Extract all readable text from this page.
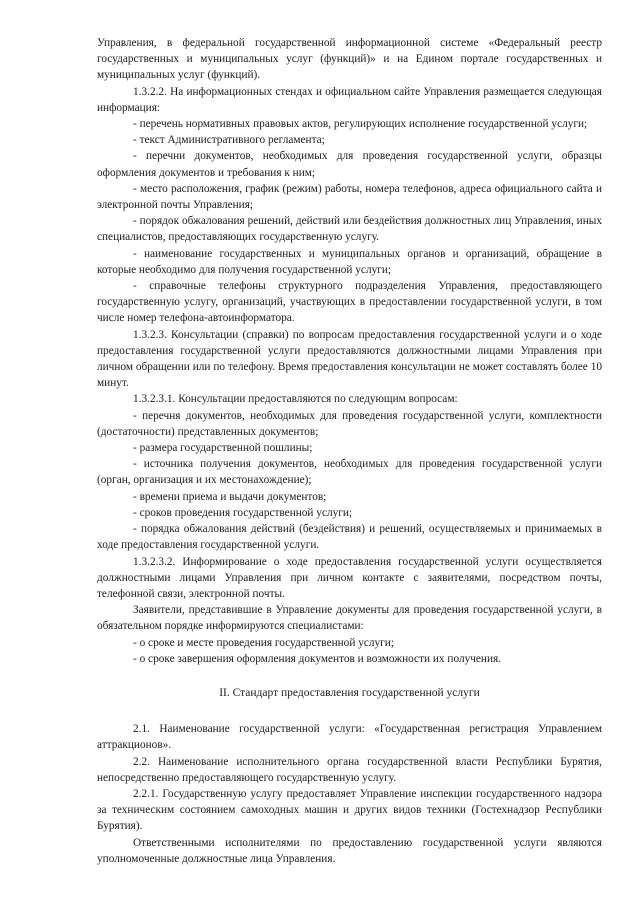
Управления, в федеральной государственной информационной системе «Федеральный реестр государственных и муниципальных услуг (функций)» и на Едином портале государственных и муниципальных услуг (функций).

1.3.2.2. На информационных стендах и официальном сайте Управления размещается следующая информация:

- перечень нормативных правовых актов, регулирующих исполнение государственной услуги;

- текст Административного регламента;

- перечни документов, необходимых для проведения государственной услуги, образцы оформления документов и требования к ним;

- место расположения, график (режим) работы, номера телефонов, адреса официального сайта и электронной почты Управления;

- порядок обжалования решений, действий или бездействия должностных лиц Управления, иных специалистов, предоставляющих государственную услугу.

- наименование государственных и муниципальных органов и организаций, обращение в которые необходимо для получения государственной услуги;

- справочные телефоны структурного подразделения Управления, предоставляющего государственную услугу, организаций, участвующих в предоставлении государственной услуги, в том числе номер телефона-автоинформатора.

1.3.2.3. Консультации (справки) по вопросам предоставления государственной услуги и о ходе предоставления государственной услуги предоставляются должностными лицами Управления при личном обращении или по телефону. Время предоставления консультации не может составлять более 10 минут.

1.3.2.3.1. Консультации предоставляются по следующим вопросам:

- перечня документов, необходимых для проведения государственной услуги, комплектности (достаточности) представленных документов;

- размера государственной пошлины;

- источника получения документов, необходимых для проведения государственной услуги (орган, организация и их местонахождение);

- времени приема и выдачи документов;

- сроков проведения государственной услуги;

- порядка обжалования действий (бездействия) и решений, осуществляемых и принимаемых в ходе предоставления государственной услуги.

1.3.2.3.2. Информирование о ходе предоставления государственной услуги осуществляется должностными лицами Управления при личном контакте с заявителями, посредством почты, телефонной связи, электронной почты.

Заявители, представившие в Управление документы для проведения государственной услуги, в обязательном порядке информируются специалистами:

- о сроке и месте проведения государственной услуги;

- о сроке завершения оформления документов и возможности их получения.

II. Стандарт предоставления государственной услуги

2.1. Наименование государственной услуги: «Государственная регистрация Управлением аттракционов».

2.2. Наименование исполнительного органа государственной власти Республики Бурятия, непосредственно предоставляющего государственную услугу.

2.2.1. Государственную услугу предоставляет Управление инспекции государственного надзора за техническим состоянием самоходных машин и других видов техники (Гостехнадзор Республики Бурятия).

Ответственными исполнителями по предоставлению государственной услуги являются уполномоченные должностные лица Управления.
